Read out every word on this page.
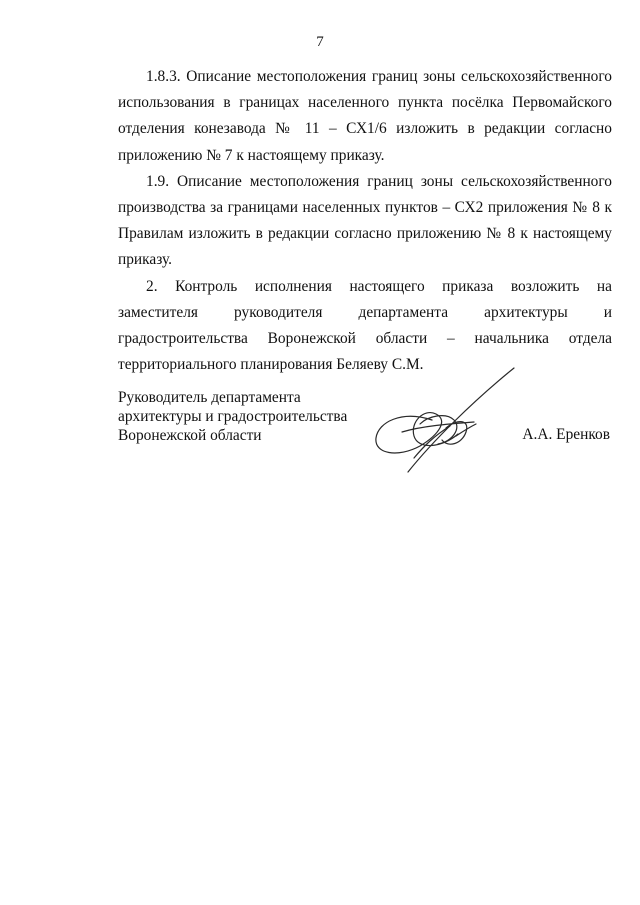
7

1.8.3. Описание местоположения границ зоны сельскохозяйственного использования в границах населенного пункта посёлка Первомайского отделения конезавода № 11 – СХ1/6 изложить в редакции согласно приложению № 7 к настоящему приказу.

1.9. Описание местоположения границ зоны сельскохозяйственного производства за границами населенных пунктов – СХ2 приложения № 8 к Правилам изложить в редакции согласно приложению № 8 к настоящему приказу.

2. Контроль исполнения настоящего приказа возложить на заместителя руководителя департамента архитектуры и градостроительства Воронежской области – начальника отдела территориального планирования Беляеву С.М.

Руководитель департамента
архитектуры и градостроительства
Воронежской области	А.А. Еренков
